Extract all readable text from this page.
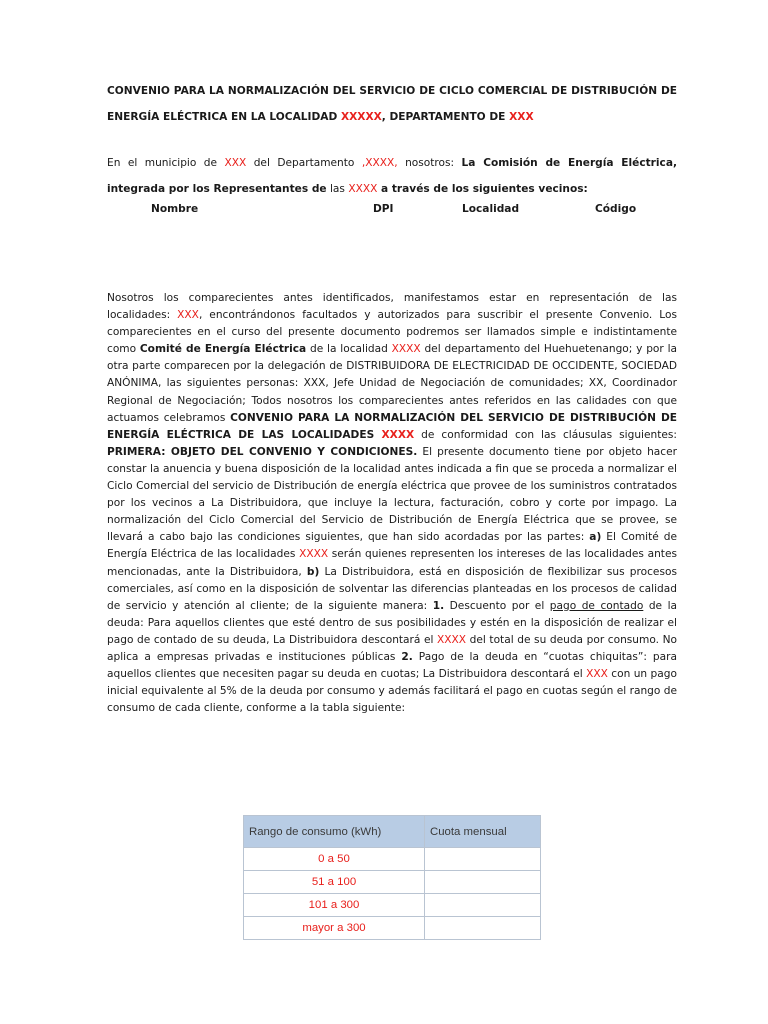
CONVENIO PARA LA NORMALIZACIÓN DEL SERVICIO DE CICLO COMERCIAL DE DISTRIBUCIÓN DE ENERGÍA ELÉCTRICA EN LA LOCALIDAD XXXXX, DEPARTAMENTO DE XXX
En el municipio de XXX del Departamento ,XXXX, nosotros: La Comisión de Energía Eléctrica, integrada por los Representantes de las XXXX a través de los siguientes vecinos:
Nombre	DPI	Localidad	Código
Nosotros los comparecientes antes identificados, manifestamos estar en representación de las localidades: XXX, encontrándonos facultados y autorizados para suscribir el presente Convenio. Los comparecientes en el curso del presente documento podremos ser llamados simple e indistintamente como Comité de Energía Eléctrica de la localidad XXXX del departamento del Huehuetenango; y por la otra parte comparecen por la delegación de DISTRIBUIDORA DE ELECTRICIDAD DE OCCIDENTE, SOCIEDAD ANÓNIMA, las siguientes personas: XXX, Jefe Unidad de Negociación de comunidades; XX, Coordinador Regional de Negociación; Todos nosotros los comparecientes antes referidos en las calidades con que actuamos celebramos CONVENIO PARA LA NORMALIZACIÓN DEL SERVICIO DE DISTRIBUCIÓN DE ENERGÍA ELÉCTRICA DE LAS LOCALIDADES XXXX de conformidad con las cláusulas siguientes: PRIMERA: OBJETO DEL CONVENIO Y CONDICIONES. El presente documento tiene por objeto hacer constar la anuencia y buena disposición de la localidad antes indicada a fin que se proceda a normalizar el Ciclo Comercial del servicio de Distribución de energía eléctrica que provee de los suministros contratados por los vecinos a La Distribuidora, que incluye la lectura, facturación, cobro y corte por impago. La normalización del Ciclo Comercial del Servicio de Distribución de Energía Eléctrica que se provee, se llevará a cabo bajo las condiciones siguientes, que han sido acordadas por las partes: a) El Comité de Energía Eléctrica de las localidades XXXX serán quienes representen los intereses de las localidades antes mencionadas, ante la Distribuidora, b) La Distribuidora, está en disposición de flexibilizar sus procesos comerciales, así como en la disposición de solventar las diferencias planteadas en los procesos de calidad de servicio y atención al cliente; de la siguiente manera: 1. Descuento por el pago de contado de la deuda: Para aquellos clientes que esté dentro de sus posibilidades y estén en la disposición de realizar el pago de contado de su deuda, La Distribuidora descontará el XXXX del total de su deuda por consumo. No aplica a empresas privadas e instituciones públicas 2. Pago de la deuda en “cuotas chiquitas”: para aquellos clientes que necesiten pagar su deuda en cuotas; La Distribuidora descontará el XXX con un pago inicial equivalente al 5% de la deuda por consumo y además facilitará el pago en cuotas según el rango de consumo de cada cliente, conforme a la tabla siguiente:
Rango de consumo (kWh)	Cuota mensual
0 a 50	
51 a 100	
101 a 300	
mayor a 300	
